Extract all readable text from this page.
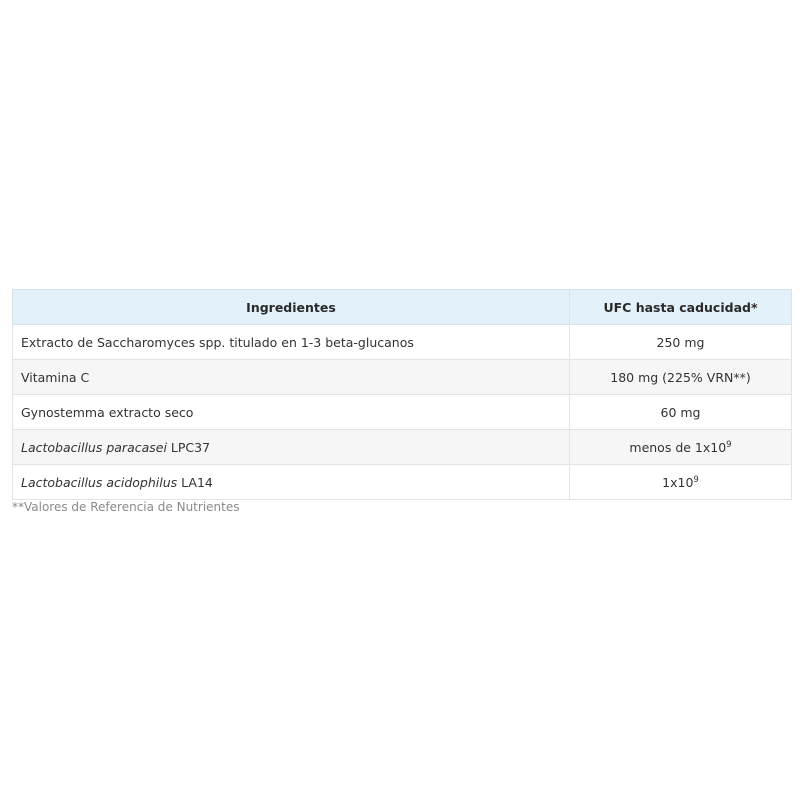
Ingredientes	UFC hasta caducidad*
Extracto de Saccharomyces spp. titulado en 1-3 beta-glucanos	250 mg
Vitamina C	180 mg (225% VRN**)
Gynostemma extracto seco	60 mg
Lactobacillus paracasei LPC37	menos de $1x10^9$
Lactobacillus acidophilus LA14	$1x10^9$
**Valores de Referencia de Nutrientes
